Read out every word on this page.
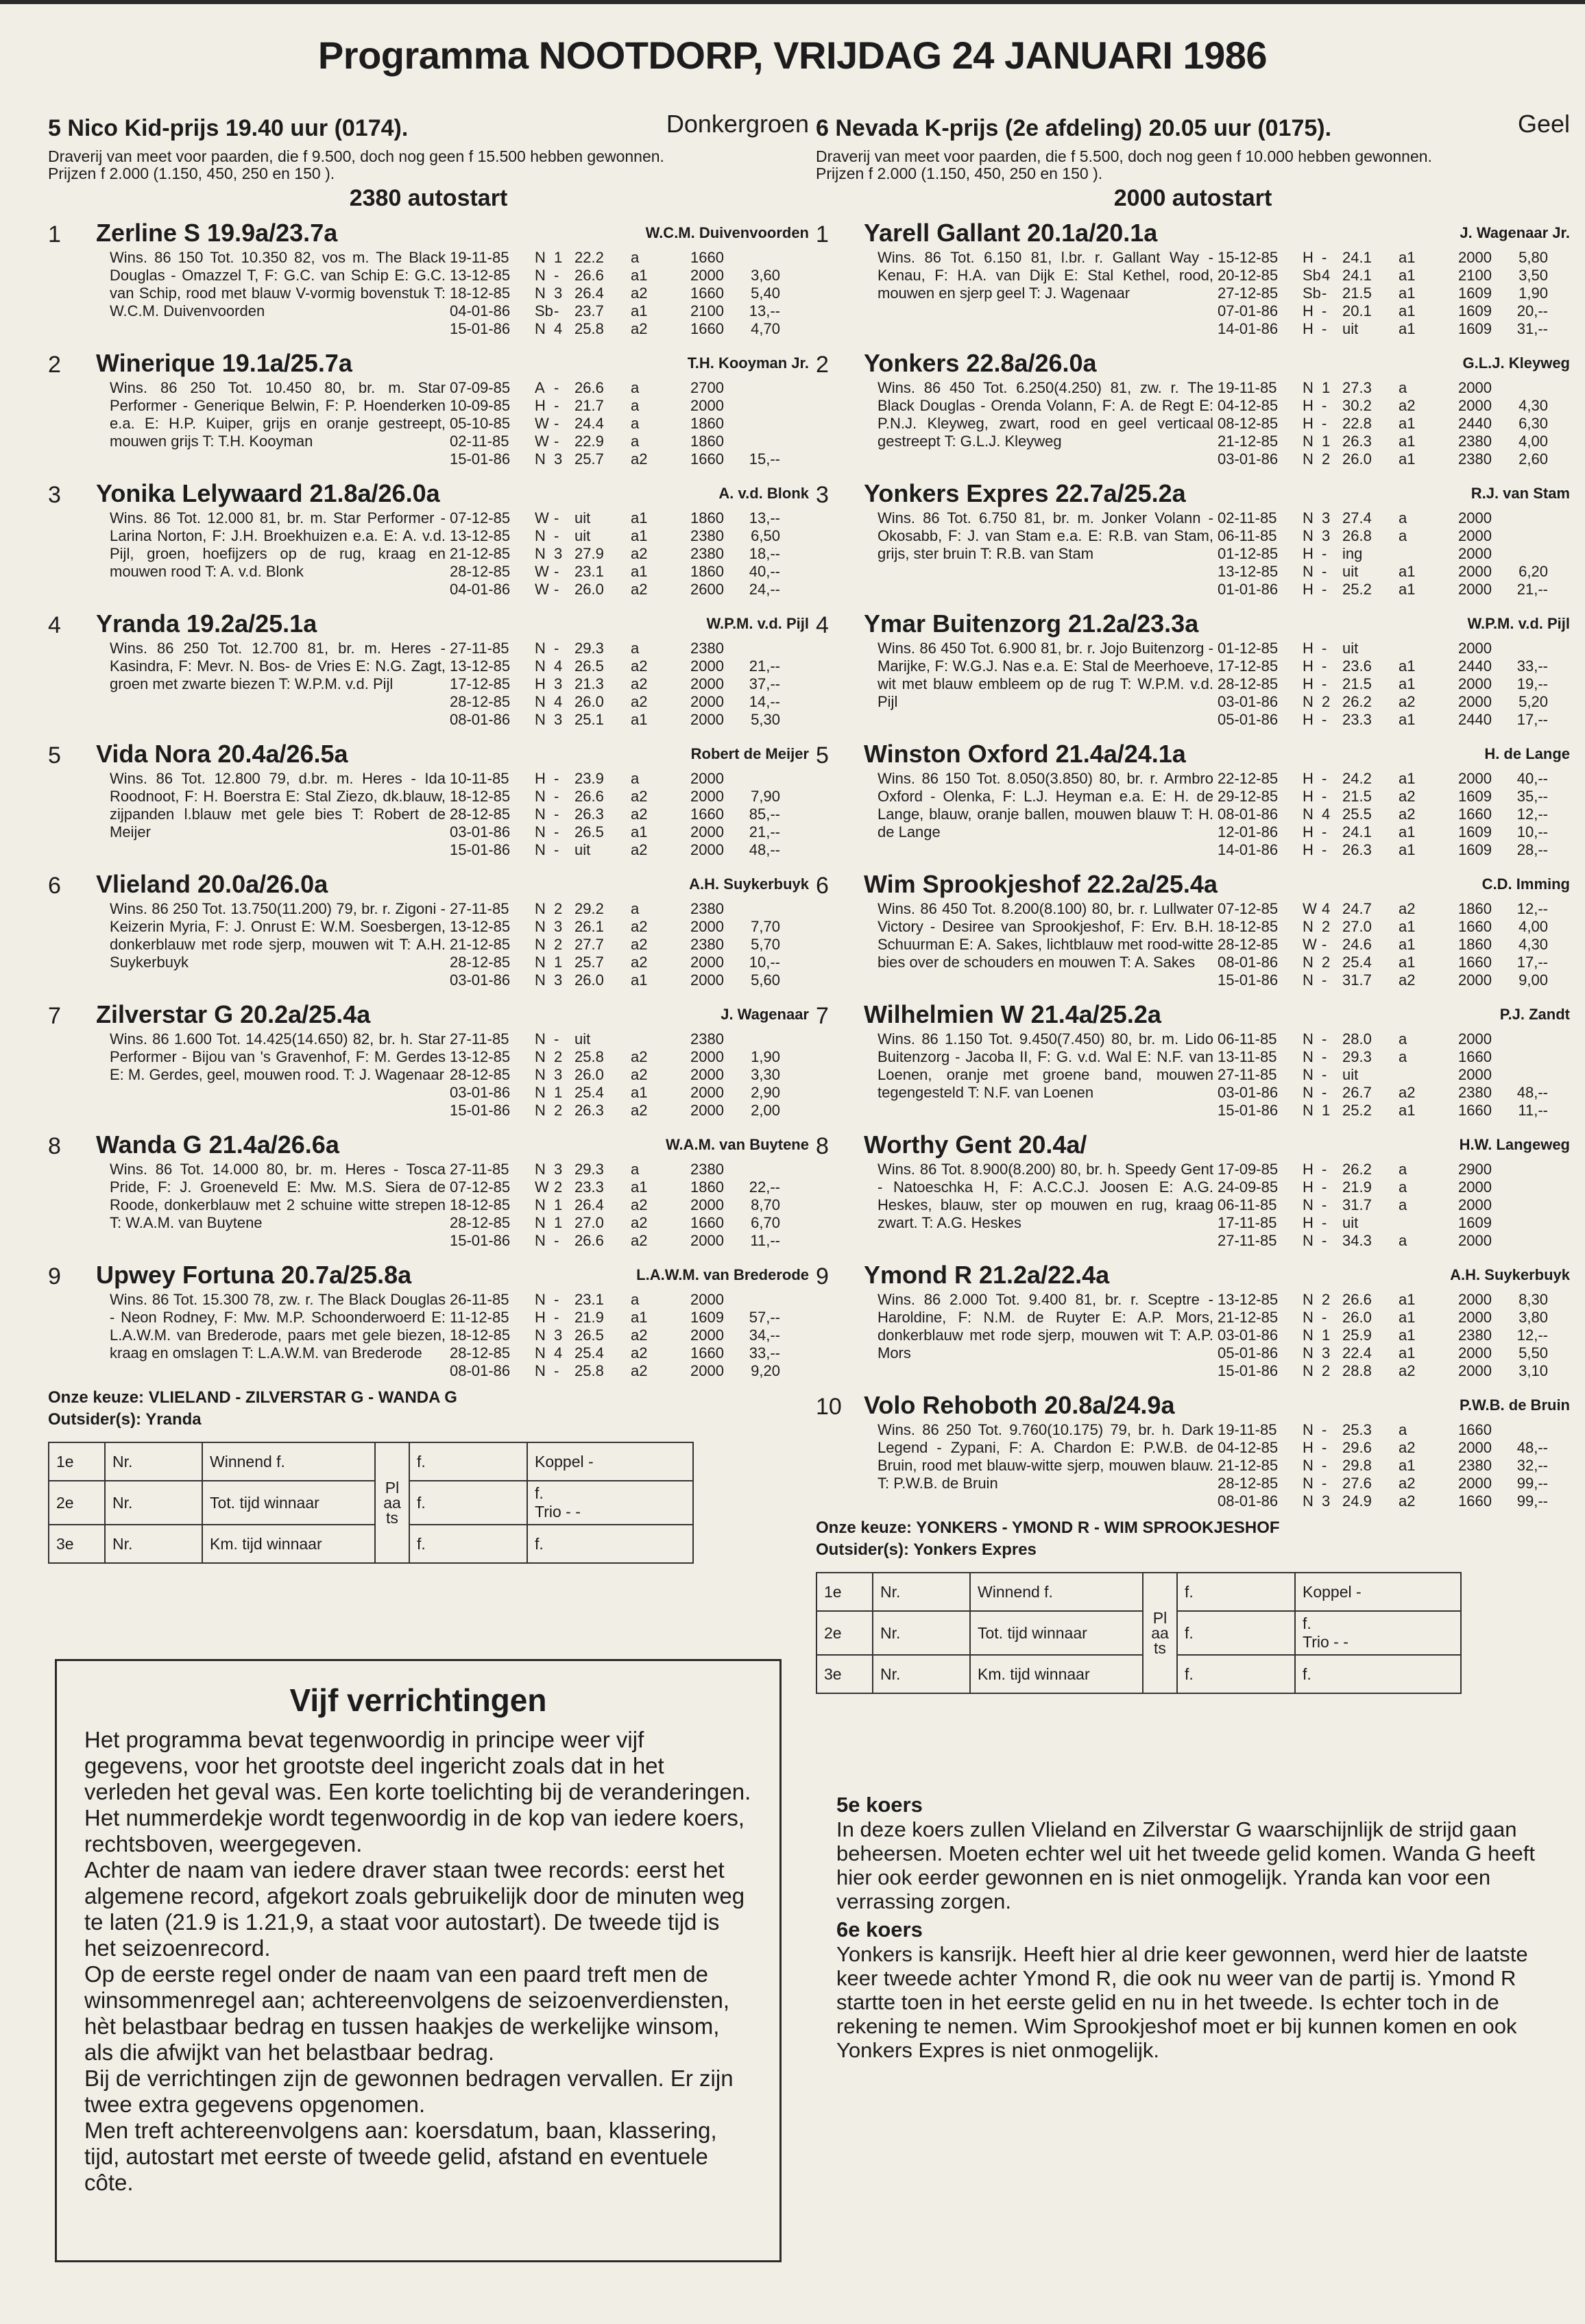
Programma NOOTDORP, VRIJDAG 24 JANUARI 1986
5 Nico Kid-prijs 19.40 uur (0174).	Donkergroen
Draverij van meet voor paarden, die f 9.500, doch nog geen f 15.500 hebben gewonnen.
Prijzen f 2.000 (1.150, 450, 250 en 150 ).
2380 autostart
1 Zerline S 19.9a/23.7a	W.C.M. Duivenvoorden
Wins. 86 150 Tot. 10.350 82, vos m. The Black Douglas - Omazzel T, F: G.C. van Schip E: G.C. van Schip, rood met blauw V-vormig bovenstuk T: W.C.M. Duivenvoorden
19-11-85	N 1 22.2	a	1660
13-12-85	N -	26.6	a1	2000	3,60
18-12-85	N 3 26.4	a2	1660	5,40
04-01-86	Sb -	23.7	a1	2100	13,--
15-01-86	N 4 25.8	a2	1660	4,70
2 Winerique 19.1a/25.7a	T.H. Kooyman Jr.
Wins. 86 250 Tot. 10.450 80, br. m. Star Performer - Generique Belwin, F: P. Hoenderken e.a. E: H.P. Kuiper, grijs en oranje gestreept, mouwen grijs T: T.H. Kooyman
07-09-85	A -	26.6	a	2700
10-09-85	H -	21.7	a	2000
05-10-85	W -	24.4	a	1860
02-11-85	W -	22.9	a	1860
15-01-86	N 3 25.7	a2	1660	15,--
3 Yonika Lelywaard 21.8a/26.0a	A. v.d. Blonk
Wins. 86 Tot. 12.000 81, br. m. Star Performer - Larina Norton, F: J.H. Broekhuizen e.a. E: A. v.d. Pijl, groen, hoefijzers op de rug, kraag en mouwen rood T: A. v.d. Blonk
07-12-85	W -	uit	a1	1860	13,--
13-12-85	N -	uit	a1	2380	6,50
21-12-85	N 3 27.9	a2	2380	18,--
28-12-85	W -	23.1	a1	1860	40,--
04-01-86	W -	26.0	a2	2600	24,--
4 Yranda 19.2a/25.1a	W.P.M. v.d. Pijl
Wins. 86 250 Tot. 12.700 81, br. m. Heres - Kasindra, F: Mevr. N. Bos- de Vries E: N.G. Zagt, groen met zwarte biezen T: W.P.M. v.d. Pijl
27-11-85	N -	29.3	a	2380
13-12-85	N 4 26.5	a2	2000	21,--
17-12-85	H 3 21.3	a2	2000	37,--
28-12-85	N 4 26.0	a2	2000	14,--
08-01-86	N 3 25.1	a1	2000	5,30
5 Vida Nora 20.4a/26.5a	Robert de Meijer
Wins. 86 Tot. 12.800 79, d.br. m. Heres - Ida Roodnoot, F: H. Boerstra E: Stal Ziezo, dk.blauw, zijpanden l.blauw met gele bies T: Robert de Meijer
10-11-85	H -	23.9	a	2000
18-12-85	N -	26.6	a2	2000	7,90
28-12-85	N -	26.3	a2	1660	85,--
03-01-86	N -	26.5	a1	2000	21,--
15-01-86	N -	uit	a2	2000	48,--
6 Vlieland 20.0a/26.0a	A.H. Suykerbuyk
Wins. 86 250 Tot. 13.750(11.200) 79, br. r. Zigoni - Keizerin Myria, F: J. Onrust E: W.M. Soesbergen, donkerblauw met rode sjerp, mouwen wit T: A.H. Suykerbuyk
27-11-85	N 2 29.2	a	2380
13-12-85	N 3 26.1	a2	2000	7,70
21-12-85	N 2 27.7	a2	2380	5,70
28-12-85	N 1 25.7	a2	2000	10,--
03-01-86	N 3 26.0	a1	2000	5,60
7 Zilverstar G 20.2a/25.4a	J. Wagenaar
Wins. 86 1.600 Tot. 14.425(14.650) 82, br. h. Star Performer - Bijou van 's Gravenhof, F: M. Gerdes E: M. Gerdes, geel, mouwen rood. T: J. Wagenaar
27-11-85	N -	uit	2380
13-12-85	N 2 25.8	a2	2000	1,90
28-12-85	N 3 26.0	a2	2000	3,30
03-01-86	N 1 25.4	a1	2000	2,90
15-01-86	N 2 26.3	a2	2000	2,00
8 Wanda G 21.4a/26.6a	W.A.M. van Buytene
Wins. 86 Tot. 14.000 80, br. m. Heres - Tosca Pride, F: J. Groeneveld E: Mw. M.S. Siera de Roode, donkerblauw met 2 schuine witte strepen T: W.A.M. van Buytene
27-11-85	N 3 29.3	a	2380
07-12-85	W 2 23.3	a1	1860	22,--
18-12-85	N 1 26.4	a2	2000	8,70
28-12-85	N 1 27.0	a2	1660	6,70
15-01-86	N -	26.6	a2	2000	11,--
9 Upwey Fortuna 20.7a/25.8a	L.A.W.M. van Brederode
Wins. 86 Tot. 15.300 78, zw. r. The Black Douglas - Neon Rodney, F: Mw. M.P. Schoonderwoerd E: L.A.W.M. van Brederode, paars met gele biezen, kraag en omslagen T: L.A.W.M. van Brederode
26-11-85	N -	23.1	a	2000
11-12-85	H -	21.9	a1	1609	57,--
18-12-85	N 3 26.5	a2	2000	34,--
28-12-85	N 4 25.4	a2	1660	33,--
08-01-86	N -	25.8	a2	2000	9,20
Onze keuze: VLIELAND - ZILVERSTAR G - WANDA G
Outsider(s): Yranda
1e	Nr.	Winnend f.	Plaats	f.	Koppel -
2e	Nr.	Tot. tijd winnaar		f.	f.
Trio - -
3e	Nr.	Km. tijd winnaar		f.	f.
6 Nevada K-prijs (2e afdeling) 20.05 uur (0175).	Geel
Draverij van meet voor paarden, die f 5.500, doch nog geen f 10.000 hebben gewonnen.
Prijzen f 2.000 (1.150, 450, 250 en 150 ).
2000 autostart
1 Yarell Gallant 20.1a/20.1a	J. Wagenaar Jr.
Wins. 86 Tot. 6.150 81, l.br. r. Gallant Way - Kenau, F: H.A. van Dijk E: Stal Kethel, rood, mouwen en sjerp geel T: J. Wagenaar
15-12-85	H -	24.1	a1	2000	5,80
20-12-85	Sb 4 24.1	a1	2100	3,50
27-12-85	Sb -	21.5	a1	1609	1,90
07-01-86	H -	20.1	a1	1609	20,--
14-01-86	H -	uit	a1	1609	31,--
2 Yonkers 22.8a/26.0a	G.L.J. Kleyweg
Wins. 86 450 Tot. 6.250(4.250) 81, zw. r. The Black Douglas - Orenda Volann, F: A. de Regt E: P.N.J. Kleyweg, zwart, rood en geel verticaal gestreept T: G.L.J. Kleyweg
19-11-85	N 1 27.3	a	2000
04-12-85	H -	30.2	a2	2000	4,30
08-12-85	H -	22.8	a1	2440	6,30
21-12-85	N 1 26.3	a1	2380	4,00
03-01-86	N 2 26.0	a1	2380	2,60
3 Yonkers Expres 22.7a/25.2a	R.J. van Stam
Wins. 86 Tot. 6.750 81, br. m. Jonker Volann - Okosabb, F: J. van Stam e.a. E: R.B. van Stam, grijs, ster bruin T: R.B. van Stam
02-11-85	N 3 27.4	a	2000
06-11-85	N 3 26.8	a	2000
01-12-85	H -	ing	2000
13-12-85	N -	uit	a1	2000	6,20
01-01-86	H -	25.2	a1	2000	21,--
4 Ymar Buitenzorg 21.2a/23.3a	W.P.M. v.d. Pijl
Wins. 86 450 Tot. 6.900 81, br. r. Jojo Buitenzorg - Marijke, F: W.G.J. Nas e.a. E: Stal de Meerhoeve, wit met blauw embleem op de rug T: W.P.M. v.d. Pijl
01-12-85	H -	uit	2000
17-12-85	H -	23.6	a1	2440	33,--
28-12-85	H -	21.5	a1	2000	19,--
03-01-86	N 2 26.2	a2	2000	5,20
05-01-86	H -	23.3	a1	2440	17,--
5 Winston Oxford 21.4a/24.1a	H. de Lange
Wins. 86 150 Tot. 8.050(3.850) 80, br. r. Armbro Oxford - Olenka, F: L.J. Heyman e.a. E: H. de Lange, blauw, oranje ballen, mouwen blauw T: H. de Lange
22-12-85	H -	24.2	a1	2000	40,--
29-12-85	H -	21.5	a2	1609	35,--
08-01-86	N 4 25.5	a2	1660	12,--
12-01-86	H -	24.1	a1	1609	10,--
14-01-86	H -	26.3	a1	1609	28,--
6 Wim Sprookjeshof 22.2a/25.4a	C.D. Imming
Wins. 86 450 Tot. 8.200(8.100) 80, br. r. Lullwater Victory - Desiree van Sprookjeshof, F: Erv. B.H. Schuurman E: A. Sakes, lichtblauw met rood-witte bies over de schouders en mouwen T: A. Sakes
07-12-85	W 4 24.7	a2	1860	12,--
18-12-85	N 2 27.0	a1	1660	4,00
28-12-85	W -	24.6	a1	1860	4,30
08-01-86	N 2 25.4	a1	1660	17,--
15-01-86	N -	31.7	a2	2000	9,00
7 Wilhelmien W 21.4a/25.2a	P.J. Zandt
Wins. 86 1.150 Tot. 9.450(7.450) 80, br. m. Lido Buitenzorg - Jacoba II, F: G. v.d. Wal E: N.F. van Loenen, oranje met groene band, mouwen tegengesteld T: N.F. van Loenen
06-11-85	N -	28.0	a	2000
13-11-85	N -	29.3	a	1660
27-11-85	N -	uit	2000
03-01-86	N -	26.7	a2	2380	48,--
15-01-86	N 1 25.2	a1	1660	11,--
8 Worthy Gent 20.4a/	H.W. Langeweg
Wins. 86 Tot. 8.900(8.200) 80, br. h. Speedy Gent - Natoeschka H, F: A.C.C.J. Joosen E: A.G. Heskes, blauw, ster op mouwen en rug, kraag zwart. T: A.G. Heskes
17-09-85	H -	26.2	a	2900
24-09-85	H -	21.9	a	2000
06-11-85	N -	31.7	a	2000
17-11-85	H -	uit	1609
27-11-85	N -	34.3	a	2000
9 Ymond R 21.2a/22.4a	A.H. Suykerbuyk
Wins. 86 2.000 Tot. 9.400 81, br. r. Sceptre - Haroldine, F: N.M. de Ruyter E: A.P. Mors, donkerblauw met rode sjerp, mouwen wit T: A.P. Mors
13-12-85	N 2 26.6	a1	2000	8,30
21-12-85	N -	26.0	a1	2000	3,80
03-01-86	N 1 25.9	a1	2380	12,--
05-01-86	N 3 22.4	a1	2000	5,50
15-01-86	N 2 28.8	a2	2000	3,10
10 Volo Rehoboth 20.8a/24.9a	P.W.B. de Bruin
Wins. 86 250 Tot. 9.760(10.175) 79, br. h. Dark Legend - Zypani, F: A. Chardon E: P.W.B. de Bruin, rood met blauw-witte sjerp, mouwen blauw. T: P.W.B. de Bruin
19-11-85	N -	25.3	a	1660
04-12-85	H -	29.6	a2	2000	48,--
21-12-85	N -	29.8	a1	2380	32,--
28-12-85	N -	27.6	a2	2000	99,--
08-01-86	N 3 24.9	a2	1660	99,--
Onze keuze: YONKERS - YMOND R - WIM SPROOKJESHOF
Outsider(s): Yonkers Expres
1e	Nr.	Winnend f.	Plaats	f.	Koppel -
2e	Nr.	Tot. tijd winnaar		f.	f.
Trio - -
3e	Nr.	Km. tijd winnaar		f.	f.
Vijf verrichtingen

Het programma bevat tegenwoordig in principe weer vijf gegevens, voor het grootste deel ingericht zoals dat in het verleden het geval was. Een korte toelichting bij de veranderingen.

Het nummerdekje wordt tegenwoordig in de kop van iedere koers, rechtsboven, weergegeven.

Achter de naam van iedere draver staan twee records: eerst het algemene record, afgekort zoals gebruikelijk door de minuten weg te laten (21.9 is 1.21,9, a staat voor autostart). De tweede tijd is het seizoenrecord.

Op de eerste regel onder de naam van een paard treft men de winsommenregel aan; achtereenvolgens de seizoenverdiensten, hèt belastbaar bedrag en tussen haakjes de werkelijke winsom, als die afwijkt van het belastbaar bedrag.

Bij de verrichtingen zijn de gewonnen bedragen vervallen. Er zijn twee extra gegevens opgenomen.

Men treft achtereenvolgens aan: koersdatum, baan, klassering, tijd, autostart met eerste of tweede gelid, afstand en eventuele côte.

5e koers

In deze koers zullen Vlieland en Zilverstar G waarschijnlijk de strijd gaan beheersen. Moeten echter wel uit het tweede gelid komen. Wanda G heeft hier ook eerder gewonnen en is niet onmogelijk. Yranda kan voor een verrassing zorgen.

6e koers

Yonkers is kansrijk. Heeft hier al drie keer gewonnen, werd hier de laatste keer tweede achter Ymond R, die ook nu weer van de partij is. Ymond R startte toen in het eerste gelid en nu in het tweede. Is echter toch in de rekening te nemen. Wim Sprookjeshof moet er bij kunnen komen en ook Yonkers Expres is niet onmogelijk.
